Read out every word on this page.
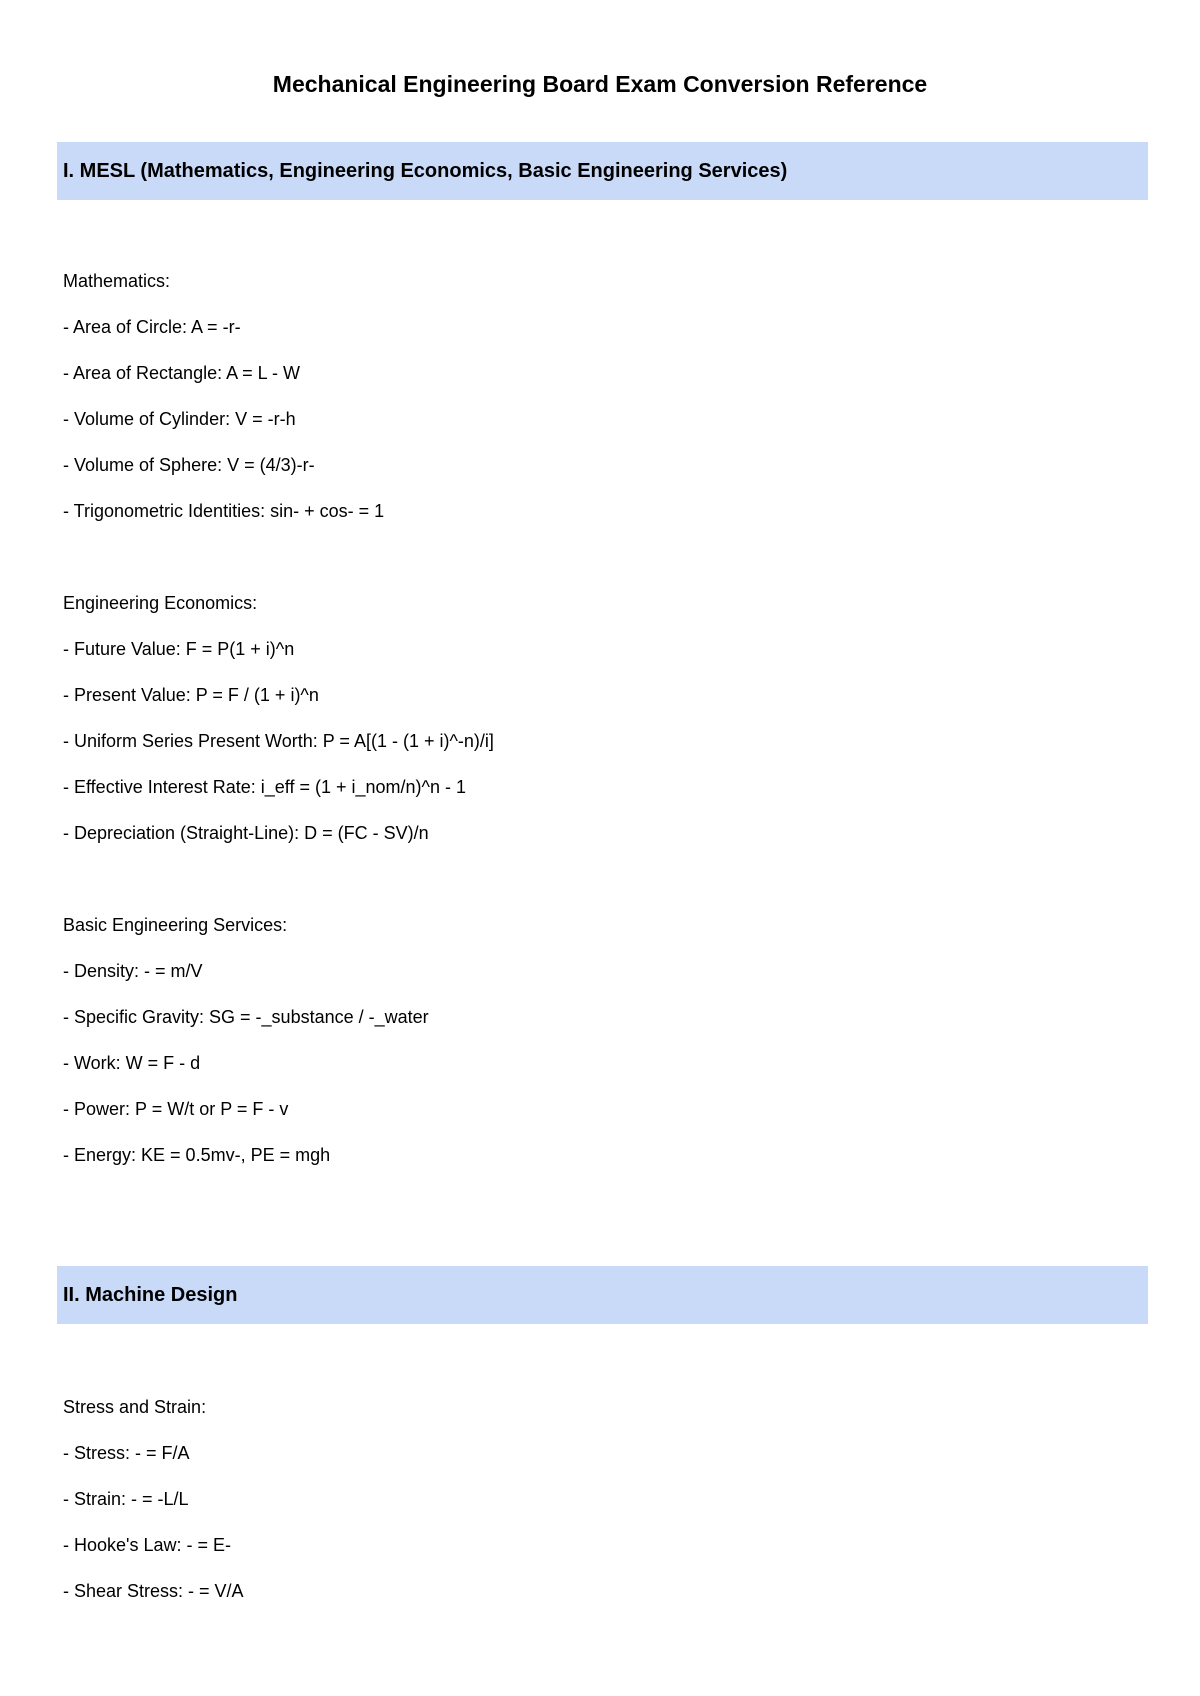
Mechanical Engineering Board Exam Conversion Reference
I. MESL (Mathematics, Engineering Economics, Basic Engineering Services)
Mathematics:
- Area of Circle: A = -r-
- Area of Rectangle: A = L - W
- Volume of Cylinder: V = -r-h
- Volume of Sphere: V = (4/3)-r-
- Trigonometric Identities: sin- + cos- = 1
Engineering Economics:
- Future Value: F = P(1 + i)^n
- Present Value: P = F / (1 + i)^n
- Uniform Series Present Worth: P = A[(1 - (1 + i)^-n)/i]
- Effective Interest Rate: i_eff = (1 + i_nom/n)^n - 1
- Depreciation (Straight-Line): D = (FC - SV)/n
Basic Engineering Services:
- Density: - = m/V
- Specific Gravity: SG = -_substance / -_water
- Work: W = F - d
- Power: P = W/t or P = F - v
- Energy: KE = 0.5mv-, PE = mgh
II. Machine Design
Stress and Strain:
- Stress: - = F/A
- Strain: - = -L/L
- Hooke's Law: - = E-
- Shear Stress: - = V/A
